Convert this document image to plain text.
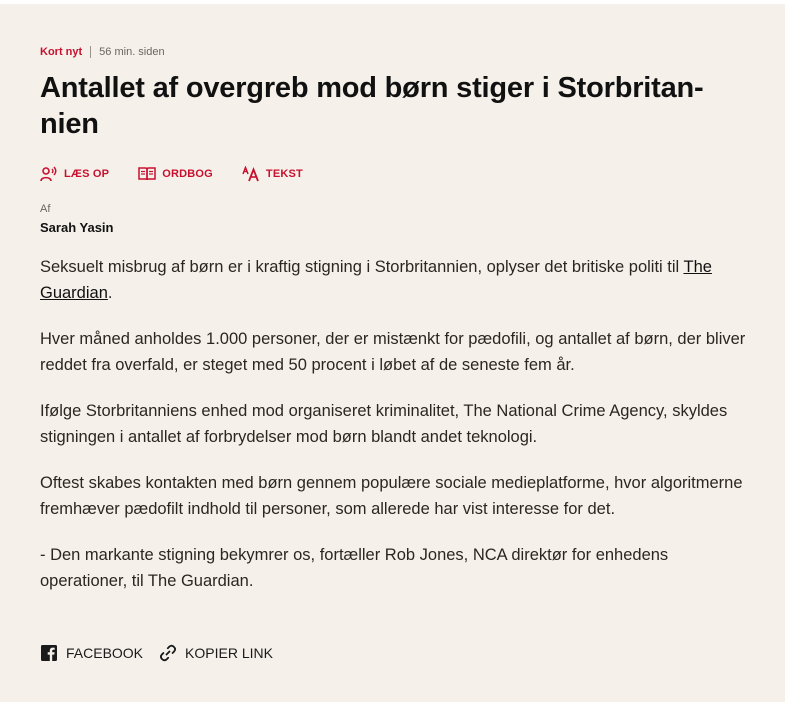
Kort nyt 56 min. siden
Antallet af overgreb mod børn stiger i Storbritan-nien
LÆS OP	ORDBOG	TEKST
Af
Sarah Yasin

Seksuelt misbrug af børn er i kraftig stigning i Storbritannien, oplyser det britiske politi til The Guardian.

Hver måned anholdes 1.000 personer, der er mistænkt for pædofili, og antallet af børn, der bliver reddet fra overfald, er steget med 50 procent i løbet af de seneste fem år.

Ifølge Storbritanniens enhed mod organiseret kriminalitet, The National Crime Agency, skyldes stigningen i antallet af forbrydelser mod børn blandt andet teknologi.

Oftest skabes kontakten med børn gennem populære sociale medieplatforme, hvor algoritmerne fremhæver pædofilt indhold til personer, som allerede har vist interesse for det.

- Den markante stigning bekymrer os, fortæller Rob Jones, NCA direktør for enhedens operationer, til The Guardian.

FACEBOOK	KOPIER LINK
